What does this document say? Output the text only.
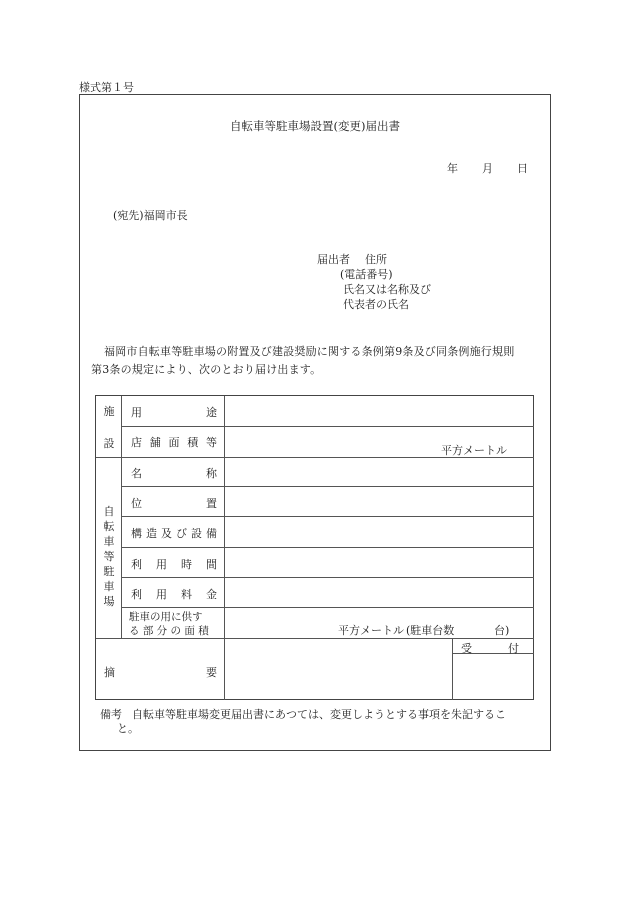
様式第１号
自転車等駐車場設置(変更)届出書
年 月 日
(宛先)福岡市長
届出者 住所
(電話番号)
氏名又は名称及び
代表者の氏名
福岡市自転車等駐車場の附置及び建設奨励に関する条例第9条及び同条例施行規則
第3条の規定により、次のとおり届け出ます。
施
設
用	途
店 舗 面 積 等
平方メートル
自転車等駐車場
名	称
位	置
構 造 及 び 設 備
利 用 時 間
利 用 料 金
駐車の用に供す
る 部 分 の 面 積	平方メートル (駐車台数	台)
摘	要
受	付
備考 自転車等駐車場変更届出書にあつては、変更しようとする事項を朱記するこ
と。
